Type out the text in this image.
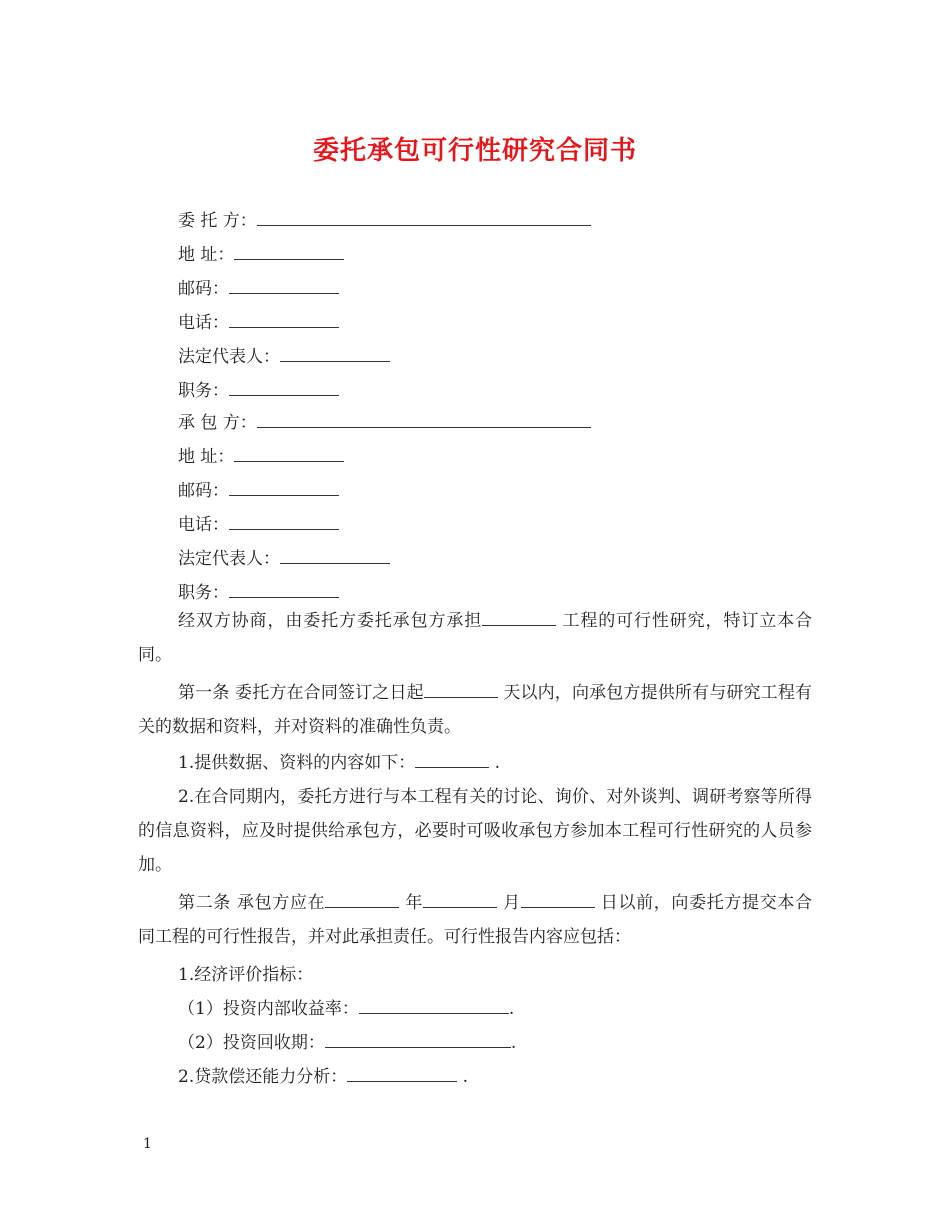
委托承包可行性研究合同书
委 托 方：
地 址：
邮码：
电话：
法定代表人：
职务：
承 包 方：
地 址：
邮码：
电话：
法定代表人：
职务：
经双方协商，由委托方委托承包方承担	工程的可行性研究，特订立本合同。
第一条 委托方在合同签订之日起	天以内，向承包方提供所有与研究工程有关的数据和资料，并对资料的准确性负责。
1.提供数据、资料的内容如下：	.
2.在合同期内，委托方进行与本工程有关的讨论、询价、对外谈判、调研考察等所得的信息资料，应及时提供给承包方，必要时可吸收承包方参加本工程可行性研究的人员参加。
第二条 承包方应在	年	月	日以前，向委托方提交本合同工程的可行性报告，并对此承担责任。可行性报告内容应包括：
1.经济评价指标：
（1）投资内部收益率：	.
（2）投资回收期：	.
2.贷款偿还能力分析：	.
1
